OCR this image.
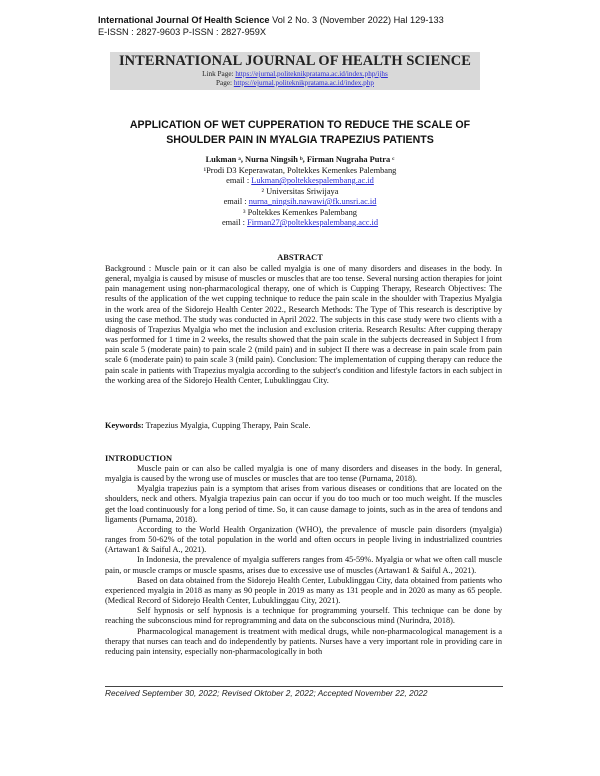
International Journal Of Health Science Vol 2 No. 3 (November 2022) Hal 129-133
E-ISSN : 2827-9603 P-ISSN : 2827-959X
INTERNATIONAL JOURNAL OF HEALTH SCIENCE
Link Page: https://ejurnal.politeknikpratama.ac.id/index.php/ijhs
Page: https://ejurnal.politeknikpratama.ac.id/index.php
APPLICATION OF WET CUPPERATION TO REDUCE THE SCALE OF
SHOULDER PAIN IN MYALGIA TRAPEZIUS PATIENTS
Lukman ᵃ, Nurna Ningsih ᵇ, Firman Nugraha Putra ᶜ
¹Prodi D3 Keperawatan, Poltekkes Kemenkes Palembang
email : Lukman@poltekkespalembang.ac.id
² Universitas Sriwijaya
email : nurna_ningsih.nawawi@fk.unsri.ac.id
³ Poltekkes Kemenkes Palembang
email : Firman27@poltekkespalembang.acc.id
ABSTRACT
Background : Muscle pain or it can also be called myalgia is one of many disorders and diseases in the body. In general, myalgia is caused by misuse of muscles or muscles that are too tense. Several nursing action therapies for joint pain management using non-pharmacological therapy, one of which is Cupping Therapy, Research Objectives: The results of the application of the wet cupping technique to reduce the pain scale in the shoulder with Trapezius Myalgia in the work area of the Sidorejo Health Center 2022., Research Methods: The Type of This research is descriptive by using the case method. The study was conducted in April 2022. The subjects in this case study were two clients with a diagnosis of Trapezius Myalgia who met the inclusion and exclusion criteria. Research Results: After cupping therapy was performed for 1 time in 2 weeks, the results showed that the pain scale in the subjects decreased in Subject I from pain scale 5 (moderate pain) to pain scale 2 (mild pain) and in subject II there was a decrease in pain scale from pain scale 6 (moderate pain) to pain scale 3 (mild pain). Conclusion: The implementation of cupping therapy can reduce the pain scale in patients with Trapezius myalgia according to the subject's condition and lifestyle factors in each subject in the working area of the Sidorejo Health Center, Lubuklinggau City.
Keywords: Trapezius Myalgia, Cupping Therapy, Pain Scale.
INTRODUCTION

Muscle pain or can also be called myalgia is one of many disorders and diseases in the body. In general, myalgia is caused by the wrong use of muscles or muscles that are too tense (Purnama, 2018).

Myalgia trapezius pain is a symptom that arises from various diseases or conditions that are located on the shoulders, neck and others. Myalgia trapezius pain can occur if you do too much or too much weight. If the muscles get the load continuously for a long period of time. So, it can cause damage to joints, such as in the area of tendons and ligaments (Purnama, 2018).

According to the World Health Organization (WHO), the prevalence of muscle pain disorders (myalgia) ranges from 50-62% of the total population in the world and often occurs in people living in industrialized countries (Artawan1 & Saiful A., 2021).

In Indonesia, the prevalence of myalgia sufferers ranges from 45-59%. Myalgia or what we often call muscle pain, or muscle cramps or muscle spasms, arises due to excessive use of muscles (Artawan1 & Saiful A., 2021).

Based on data obtained from the Sidorejo Health Center, Lubuklinggau City, data obtained from patients who experienced myalgia in 2018 as many as 90 people in 2019 as many as 131 people and in 2020 as many as 65 people. (Medical Record of Sidorejo Health Center, Lubuklinggau City, 2021).

Self hypnosis or self hypnosis is a technique for programming yourself. This technique can be done by reaching the subconscious mind for reprogramming and data on the subconscious mind (Nurindra, 2018).

Pharmacological management is treatment with medical drugs, while non-pharmacological management is a therapy that nurses can teach and do independently by patients. Nurses have a very important role in providing care in reducing pain intensity, especially non-pharmacologically in both

Received September 30, 2022; Revised Oktober 2, 2022; Accepted November 22, 2022
